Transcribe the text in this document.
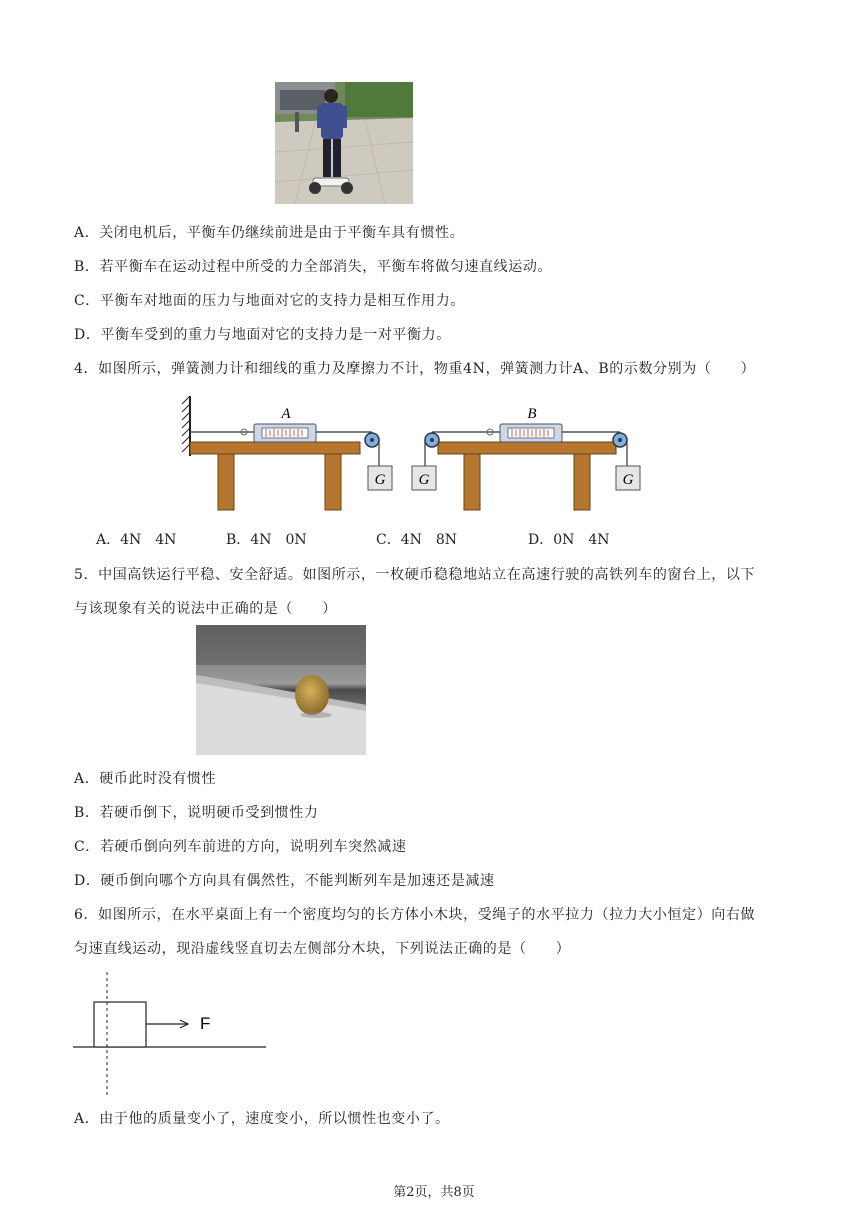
A．关闭电机后，平衡车仍继续前进是由于平衡车具有惯性。
B．若平衡车在运动过程中所受的力全部消失，平衡车将做匀速直线运动。
C．平衡车对地面的压力与地面对它的支持力是相互作用力。
D．平衡车受到的重力与地面对它的支持力是一对平衡力。
4．如图所示，弹簧测力计和细线的重力及摩擦力不计，物重4N，弹簧测力计A、B的示数分别为（　　）
A
G G
B
G
A．4N　4N	B．4N　0N	C．4N　8N	D．0N　4N
5．中国高铁运行平稳、安全舒适。如图所示，一枚硬币稳稳地站立在高速行驶的高铁列车的窗台上，以下
与该现象有关的说法中正确的是（　　）
A．硬币此时没有惯性
B．若硬币倒下，说明硬币受到惯性力
C．若硬币倒向列车前进的方向，说明列车突然减速
D．硬币倒向哪个方向具有偶然性，不能判断列车是加速还是减速
6．如图所示，在水平桌面上有一个密度均匀的长方体小木块，受绳子的水平拉力（拉力大小恒定）向右做
匀速直线运动，现沿虚线竖直切去左侧部分木块，下列说法正确的是（　　）
F
A．由于他的质量变小了，速度变小，所以惯性也变小了。
第2页，共8页
